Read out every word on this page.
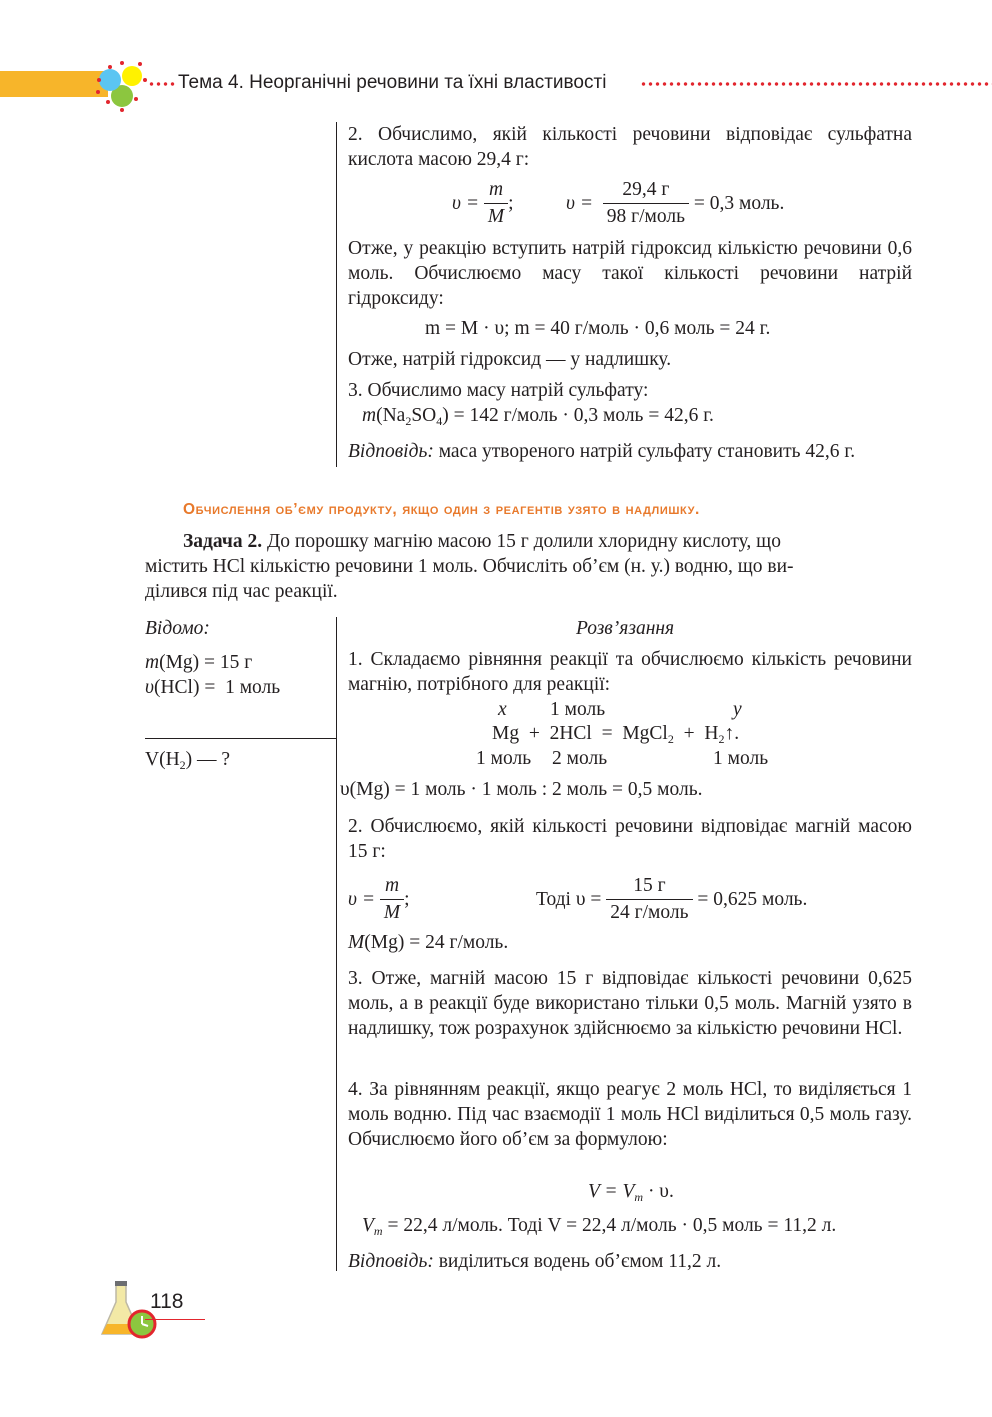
Тема 4. Неорганічні речовини та їхні властивості
2. Обчислимо, якій кількості речовини відповідає сульфатна кислота масою 29,4 г:
υ =
$\frac{m}{M}$ ;	υ =
$\frac{29,4 г}{\text{98 г/моль}}$
= 0,3 моль.
Отже, у реакцію вступить натрій гідроксид кількістю речовини 0,6 моль. Обчислюємо масу такої кількості речовини натрій гідроксиду:
m = M · υ; m = 40 г/моль · 0,6 моль = 24 г.
Отже, натрій гідроксид — у надлишку.
3. Обчислимо масу натрій сульфату:
$m(Na_2SO_4) = 142$ г/моль · 0,3 моль = 42,6 г.
Відповідь: маса утвореного натрій сульфату становить 42,6 г.
Обчислення об’єму продукту, якщо один з реагентів узято в надлишку.
Задача 2. До порошку магнію масою 15 г долили хлоридну кислоту, що
містить HCl кількістю речовини 1 моль. Обчисліть об’єм (н. у.) водню, що ви-
ділився під час реакції.
Відомо:
m(Mg) = 15 г
υ(HCl) =  1 моль
$V(H_2)$ — ?
Розв’язання
1. Складаємо рівняння реакції та обчислюємо кількість речовини магнію, потрібного для реакції:
x 1 моль	y
Mg  +  2HCl  =  MgCl$_2$  +  $H_2↑$.
1 моль 2 моль	1 моль
υ(Mg) = 1 моль · 1 моль : 2 моль = 0,5 моль.
2. Обчислюємо, якій кількості речовини відповідає магній масою 15 г:
υ =
$\frac{m}{M}$ ;	Тоді υ =
$\frac{15 г}{\text{24 г/моль}}$
= 0,625 моль.
M(Mg) = 24 г/моль.
3. Отже, магній масою 15 г відповідає кількості речовини 0,625 моль, а в реакції буде використано тільки 0,5 моль. Магній узято в надлишку, тож розрахунок здійснюємо за кількістю речовини HCl.
4. За рівнянням реакції, якщо реагує 2 моль HCl, то виділяється 1 моль водню. Під час взаємодії 1 моль HCl виділиться 0,5 моль газу. Обчислюємо його об’єм за формулою:
$V = V_m \cdot \upsilon$.
$V_m = 22,4$ л/моль. Тоді V = 22,4 л/моль · 0,5 моль = 11,2 л.
Відповідь: виділиться водень об’ємом 11,2 л.
118
